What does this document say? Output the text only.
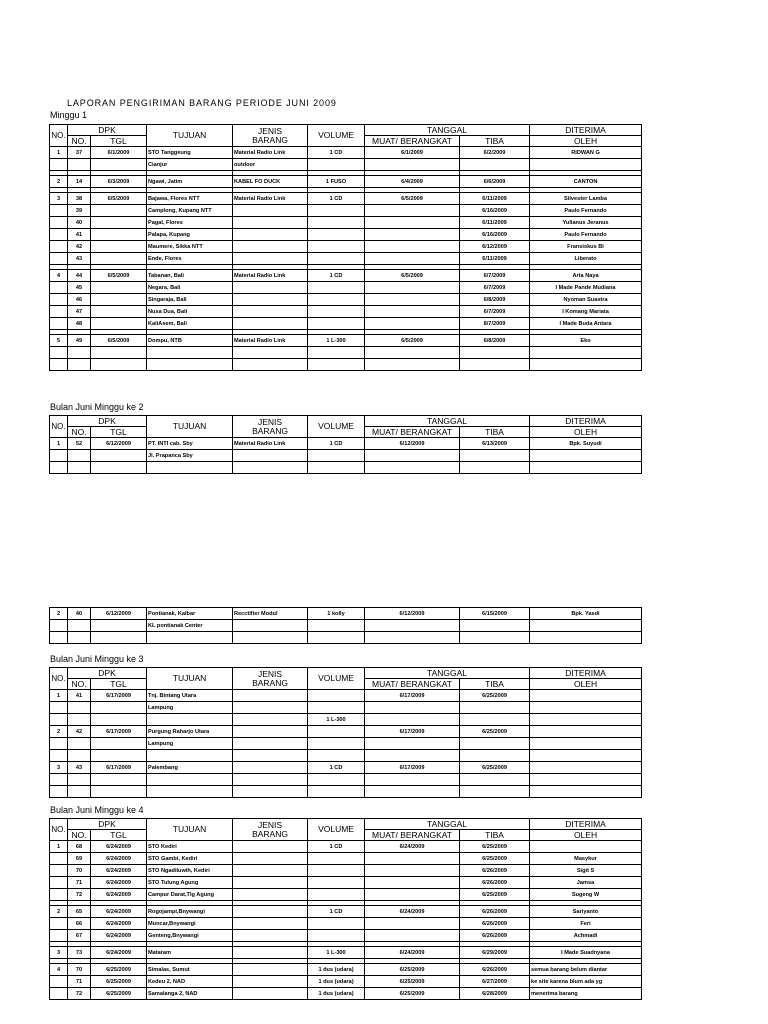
LAPORAN PENGIRIMAN BARANG PERIODE JUNI 2009
Minggu 1
NO.	DPK		TUJUAN	JENIS
BARANG	VOLUME	TANGGAL		DITERIMA
	NO.	TGL				MUAT/ BERANGKAT	TIBA	OLEH
1	37	6/1/2009	STO Tanggeung	Material Radio Link	1 CD	6/1/2009	6/2/2009	RIDWAN G
			Cianjur	outdoor				

2	14	6/3/2009	Ngawi, Jatim	KABEL FO DUCK	1 FUSO	6/4/2009	6/6/2009	CANTON

3	38	6/5/2009	Bajawa, Flores NTT	Material Radio Link	1 CD	6/5/2009	6/11/2009	Silvester Lamba
	39		Camplong, Kupang NTT				6/16/2009	Paulo Fernando
	40		Pagal, Flores				6/11/2009	Yulianus Jeranus
	41		Palapa, Kupang				6/16/2009	Paulo Fernando
	42		Maumere, Sikka NTT				6/12/2009	Fransiskus Bl
	43		Ende, Flores				6/11/2009	Liberato

4	44	6/5/2009	Tabanan, Bali	Material Radio Link	1 CD	6/5/2009	6/7/2009	Arta Naya
	45		Negara, Bali				6/7/2009	I Made Pande Mudiana
	46		Singaraja, Bali				6/8/2009	Nyoman Suastra
	47		Nusa Dua, Bali				6/7/2009	I Komang Mariata
	48		KaliAsem, Bali				8/7/2009	I Made Buda Antara

5	49	6/5/2009	Dompu, NTB	Material Radio Link	1 L-300	6/5/2009	6/8/2009	Eko

Bulan Juni Minggu ke 2
NO.	DPK		TUJUAN	JENIS
BARANG	VOLUME	TANGGAL		DITERIMA
	NO.	TGL				MUAT/ BERANGKAT	TIBA	OLEH
1	52	6/12/2009	PT. INTI cab. Sby	Material Radio Link	1 CD	6/12/2009	6/13/2009	Bpk. Suyudi
			Jl. Prapanca Sby					

2	40	6/12/2009	Pontianak, Kalbar	Recctifier Modul	1 kolly	6/12/2009	6/15/2009	Bpk. Yasdi
			KL pontianak Center					

Bulan Juni Minggu ke 3
NO.	DPK		TUJUAN	JENIS
BARANG	VOLUME	TANGGAL		DITERIMA
	NO.	TGL				MUAT/ BERANGKAT	TIBA	OLEH
1	41	6/17/2009	Tnj. Bintang Utara			6/17/2009	6/25/2009	
			Lampung					
					1 L-300			
2	42	6/17/2009	Purgung Raharjo Utara			6/17/2009	6/25/2009	
			Lampung					

3	43	6/17/2009	Palembang		1 CD	6/17/2009	6/25/2009	

Bulan Juni Minggu ke 4
NO.	DPK		TUJUAN	JENIS
BARANG	VOLUME	TANGGAL		DITERIMA
	NO.	TGL				MUAT/ BERANGKAT	TIBA	OLEH
1	68	6/24/2009	STO Kediri		1 CD	6/24/2009	6/25/2009	
	69	6/24/2009	STO Gambi, Kediri				6/25/2009	Masykur
	70	6/24/2009	STO Ngadiluwih, Kediri				6/26/2009	Sigit S
	71	6/24/2009	STO Tulung Agung				6/26/2009	Jamsa
	72	6/24/2009	Campur Darat,Tlg Agung				6/25/2009	Sugeng W

2	65	6/24/2009	Rogojampi,Bnywangi		1 CD	6/24/2009	6/26/2009	Sariyanto
	66	6/24/2009	Muncar,Bnywangi				6/26/2009	Feri
	67	6/24/2009	Genteng,Bnywangi				6/26/2009	Achmadi

3	73	6/24/2009	Mataram		1 L-300	6/24/2009	6/29/2009	I Made Suadnyana

4	70	6/25/2009	Simalas, Sumut		1 dus (udara)	6/25/2009	6/26/2009	semua barang belum diantar
	71	6/25/2009	Kedeu 2, NAD		1 dus (udara)	6/25/2009	6/27/2009	ke site karena blum ada yg
	72	6/25/2009	Samalanga 2, NAD		1 dus (udara)	6/25/2009	6/28/2009	menerima barang
